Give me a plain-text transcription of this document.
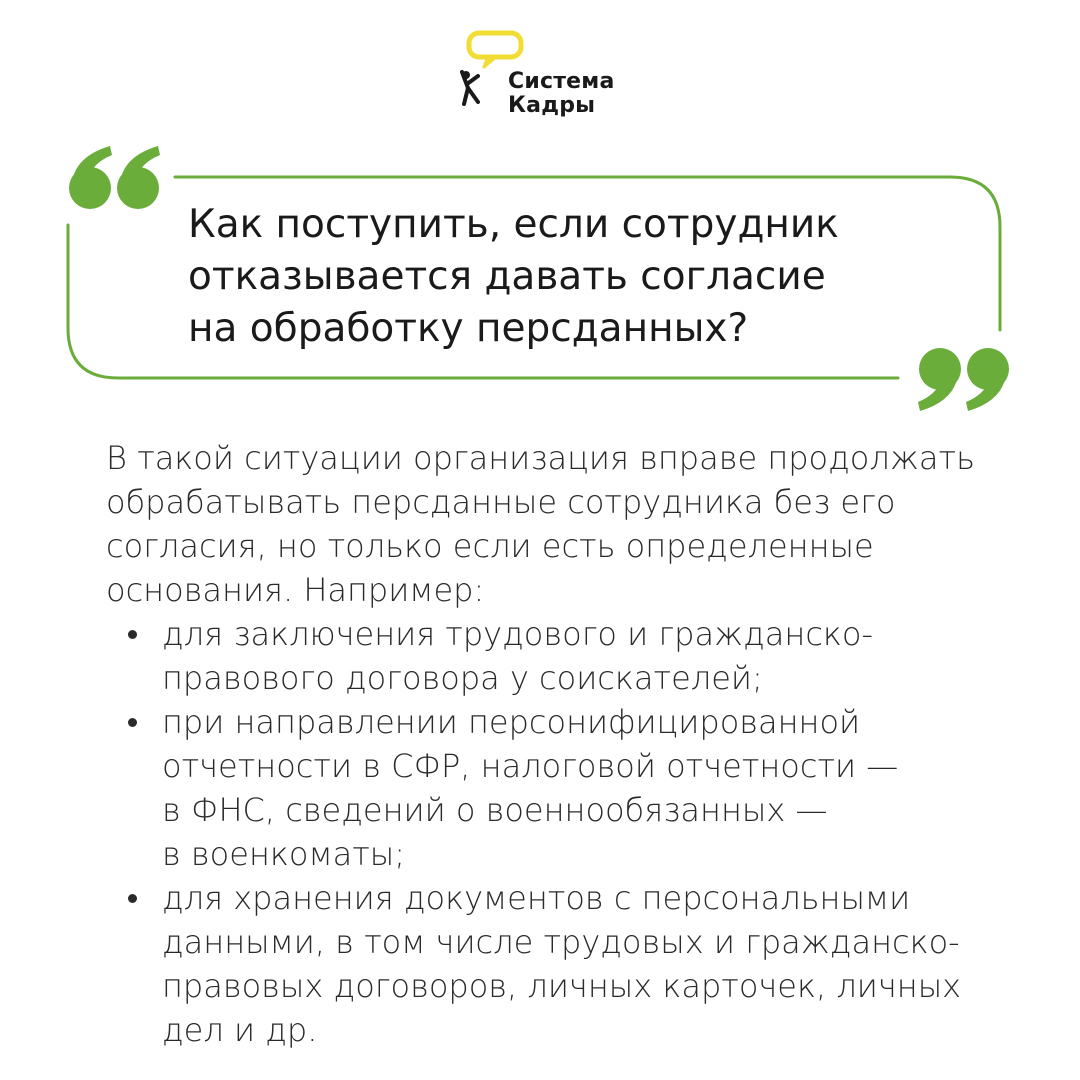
Система
Кадры
Как поступить, если сотрудник
отказывается давать согласие
на обработку персданных?
В такой ситуации организация вправе продолжать
обрабатывать персданные сотрудника без его
согласия, но только если есть определенные
основания. Например:
для заключения трудового и гражданско-
правового договора у соискателей;
при направлении персонифицированной
отчетности в СФР, налоговой отчетности —
в ФНС, сведений о военнообязанных —
в военкоматы;
для хранения документов с персональными
данными, в том числе трудовых и гражданско-
правовых договоров, личных карточек, личных
дел и др.
